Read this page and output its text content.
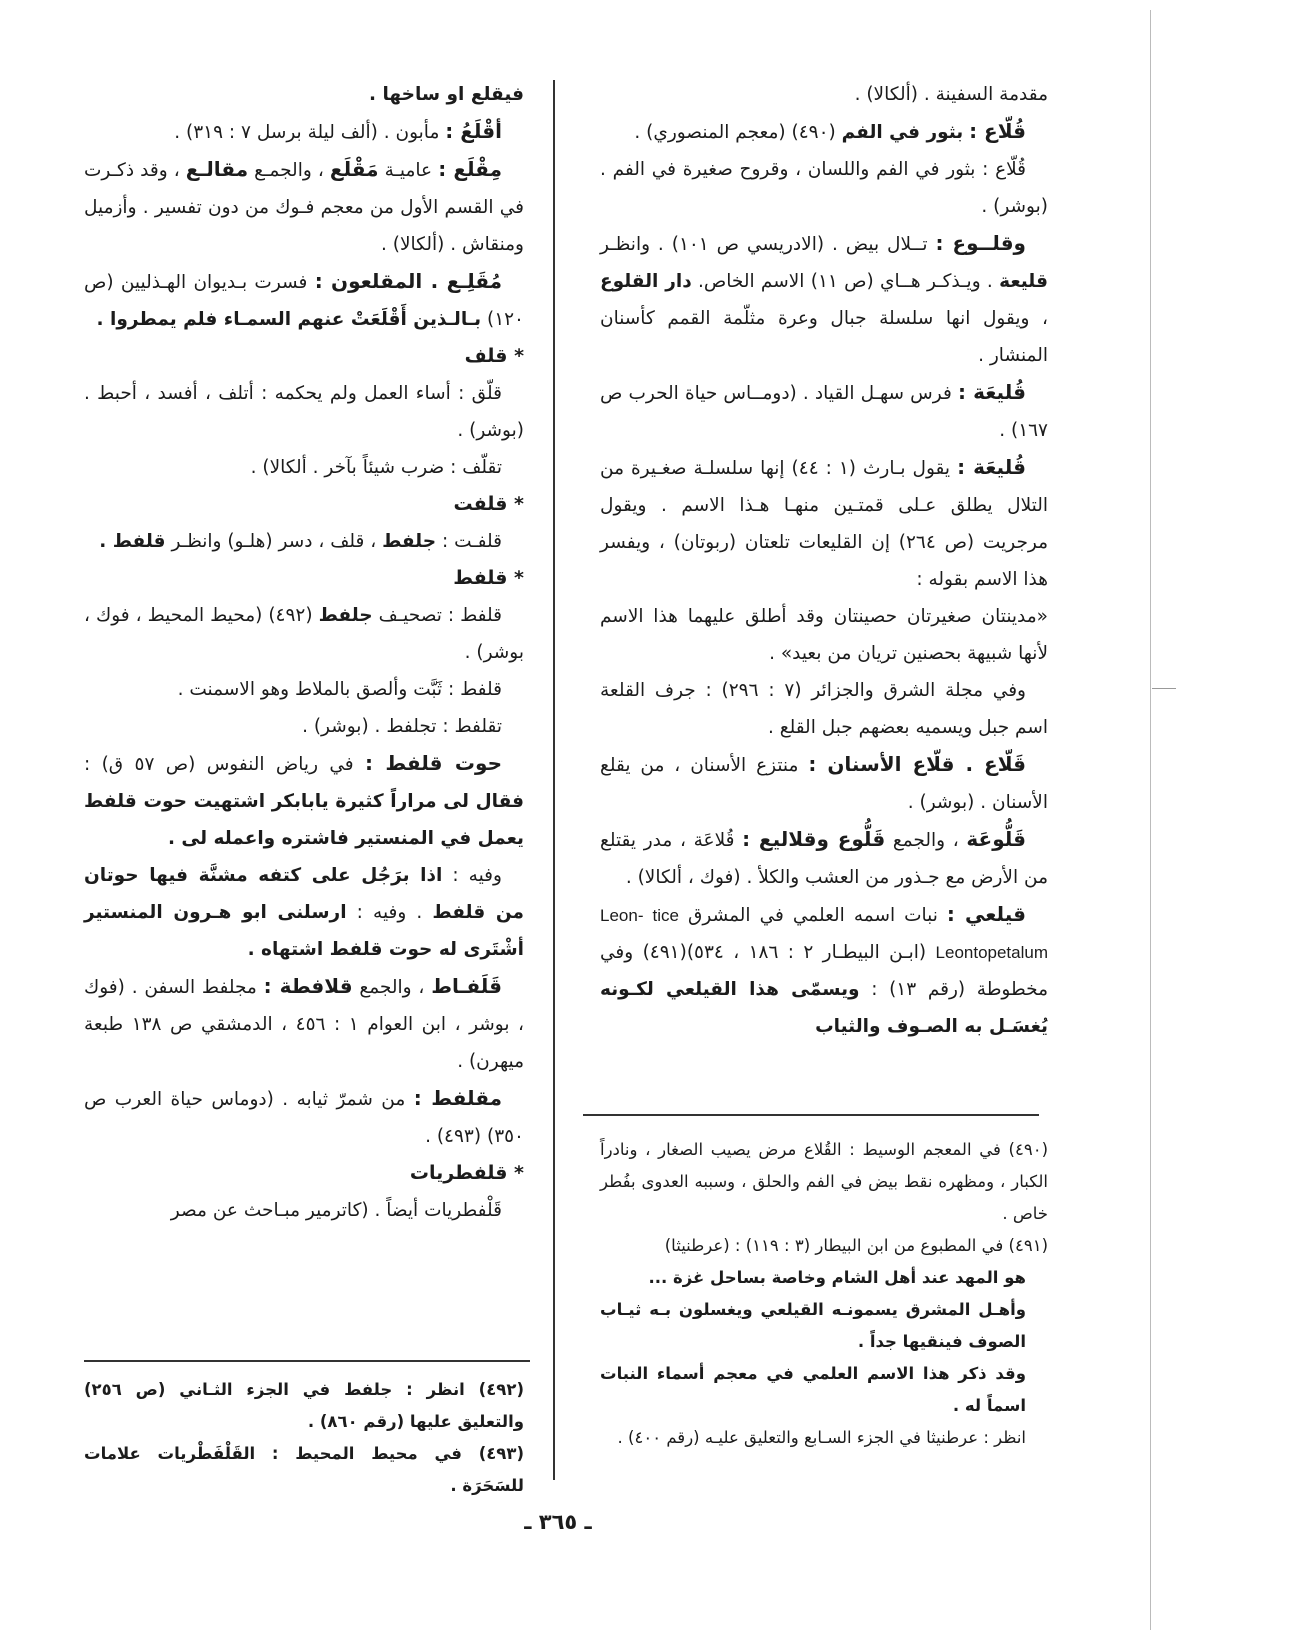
مقدمة السفينة . (ألكالا) .

قُلّاع : بثور في الفم (٤٩٠) (معجم المنصوري) .

قُلّاع : بثور في الفم واللسان ، وقروح صغيرة في الفم . (بوشر) .

وقلــوع : تــلال بيض . (الادريسي ص ١٠١) . وانظـر قليعة . ويـذكـر هــاي (ص ١١) الاسم الخاص. دار القلوع ، ويقول انها سلسلة جبال وعرة مثلّمة القمم كأسنان المنشار .

قُليعَة : فرس سهـل القياد . (دومــاس حياة الحرب ص ١٦٧) .

قُليعَة : يقول بـارث (١ : ٤٤) إنها سلسلـة صغـيرة من التلال يطلق عـلى قمتـين منهـا هـذا الاسم . ويقول مرجريت (ص ٢٦٤) إن القليعات تلعتان (ربوتان) ، ويفسر هذا الاسم بقوله :

«مدينتان صغيرتان حصينتان وقد أطلق عليهما هذا الاسم لأنها شبيهة بحصنين تريان من بعيد» .

وفي مجلة الشرق والجزائر (٧ : ٢٩٦) : جرف القلعة اسم جبل ويسميه بعضهم جبل القلع .

قَلّاع . قلّاع الأسنان : منتزع الأسنان ، من يقلع الأسنان . (بوشر) .

قَلُّوعَة ، والجمع قَلُّوع وقلاليع : قُلاعَة ، مدر يقتلع من الأرض مع جـذور من العشب والكلأ . (فوك ، ألكالا) .

قيلعي : نبات اسمه العلمي في المشرق Leon- tice Leontopetalum (ابـن البيطـار ٢ : ١٨٦ ، ٥٣٤)(٤٩١) وفي مخطوطة (رقم ١٣) : ويسمّى هذا القيلعي لكـونه يُغسَـل به الصـوف والثياب

فيقلع او ساخها .

أقْلَعُ : مأبون . (ألف ليلة برسل ٧ : ٣١٩) .

مِقْلَع : عاميـة مَقْلَع ، والجمـع مقالـع ، وقد ذكـرت في القسم الأول من معجم فـوك من دون تفسير . وأزميل ومنقاش . (ألكالا) .

مُقَلِـع . المقلعون : فسرت بـديوان الهـذليين (ص ١٢٠) بـالـذين أَقْلَعَتْ عنهم السمـاء فلم يمطروا .

* قلف

قلّق : أساء العمل ولم يحكمه : أتلف ، أفسد ، أحبط . (بوشر) .

تقلّف : ضرب شيئاً بآخر . ألكالا) .

* قلفت

قلفـت : جلفط ، قلف ، دسر (هلـو) وانظـر قلفط .

* قلفط

قلفط : تصحيـف جلفط (٤٩٢) (محيط المحيط ، فوك ، بوشر) .

قلفط : ثَبَّت وألصق بالملاط وهو الاسمنت .

تقلفط : تجلفط . (بوشر) .

حوت قلفط : في رياض النفوس (ص ٥٧ ق) : فقال لى مراراً كثيرة يابابكر اشتهيت حوت قلفط يعمل في المنستير فاشتره واعمله لى .

وفيه : اذا برَجُل على كتفه مشنَّة فيها حوتان من قلفط . وفيه : ارسلنى ابو هـرون المنستير أشْتَرى له حوت قلفط اشتهاه .

قَلَفـاط ، والجمع قلافطة : مجلفط السفن . (فوك ، بوشر ، ابن العوام ١ : ٤٥٦ ، الدمشقي ص ١٣٨ طبعة ميهرن) .

مقلفط : من شمرّ ثيابه . (دوماس حياة العرب ص ٣٥٠) (٤٩٣) .

* قلفطريات

قَلْفطريات أيضاً . (كاترمير مبـاحث عن مصر

(٤٩٠) في المعجم الوسيط : القُلاع مرض يصيب الصغار ، ونادراً الكبار ، ومظهره نقط بيض في الفم والحلق ، وسببه العدوى بفُطر خاص .

(٤٩١) في المطبوع من ابن البيطار (٣ : ١١٩) : (عرطنيثا)

هو المهد عند أهل الشام وخاصة بساحل غزة ...

وأهـل المشرق يسمونـه القيلعي ويغسلون بـه ثيـاب الصوف فينقيها جداً .

وقد ذكر هذا الاسم العلمي في معجم أسماء النبات اسماً له .

انظر : عرطنيثا في الجزء السـابع والتعليق عليـه (رقم ٤٠٠) .

(٤٩٢) انظر : جلفط في الجزء الثـاني (ص ٢٥٦) والتعليق عليها (رقم ٨٦٠) .

(٤٩٣) في محيط المحيط : القَلْفَطْريات علامات للسَحَرَة .

ـ ٣٦٥ ـ
